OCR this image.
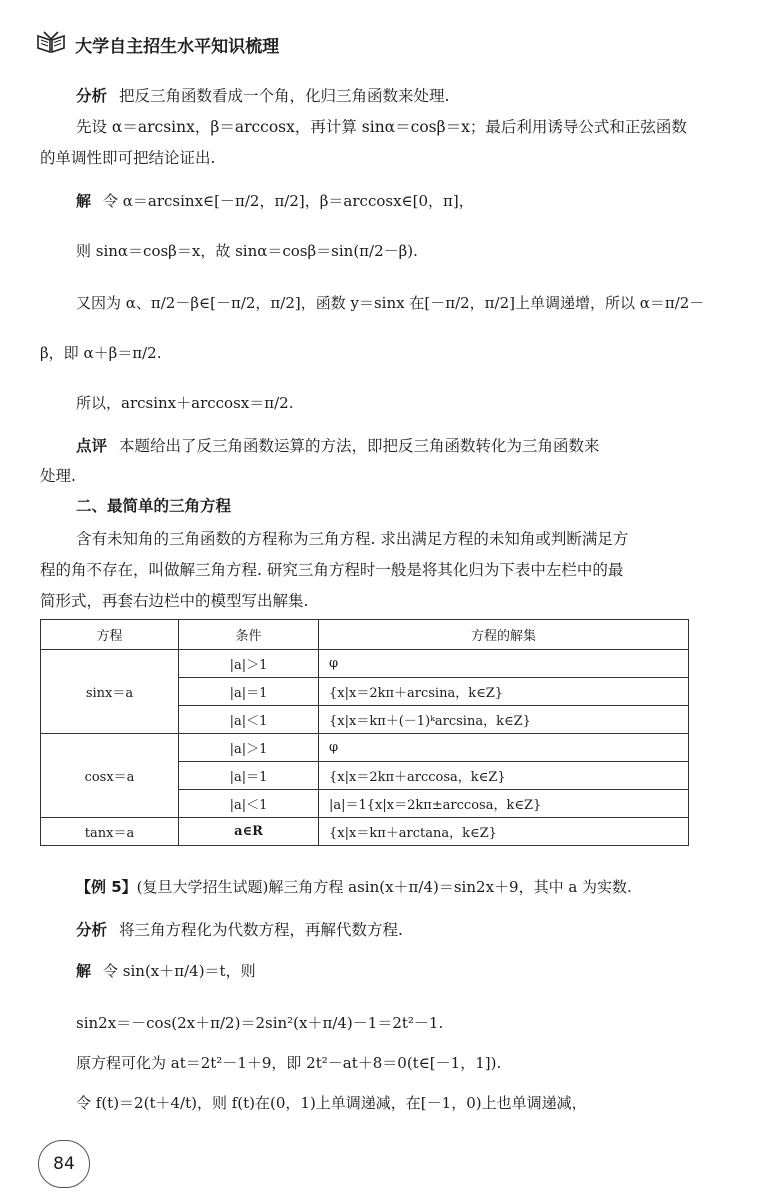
大学自主招生水平知识梳理
分析 把反三角函数看成一个角，化归三角函数来处理.
先设 α＝arcsinx，β＝arccosx，再计算 sinα＝cosβ＝x；最后利用诱导公式和正弦函数
的单调性即可把结论证出.
解 令 α＝arcsinx∈[－π/2，π/2]，β＝arccosx∈[0，π]，
则 sinα＝cosβ＝x，故 sinα＝cosβ＝sin(π/2－β).
又因为 α、π/2－β∈[－π/2，π/2]，函数 y＝sinx 在[－π/2，π/2]上单调递增，所以 α＝π/2－
β，即 α＋β＝π/2.
所以，arcsinx＋arccosx＝π/2.
点评 本题给出了反三角函数运算的方法，即把反三角函数转化为三角函数来
处理.
二、最简单的三角方程
含有未知角的三角函数的方程称为三角方程. 求出满足方程的未知角或判断满足方
程的角不存在，叫做解三角方程. 研究三角方程时一般是将其化归为下表中左栏中的最
简形式，再套右边栏中的模型写出解集.
方程	条件	方程的解集
sinx＝a	|a|＞1	φ
	|a|＝1	{x|x＝2kπ＋arcsina，k∈Z}
	|a|＜1	{x|x＝kπ＋(－1)ᵏarcsina，k∈Z}
cosx＝a	|a|＞1	φ
	|a|＝1	{x|x＝2kπ＋arccosa，k∈Z}
	|a|＜1	|a|＝1{x|x＝2kπ±arccosa，k∈Z}
tanx＝a	a∈R	{x|x＝kπ＋arctana，k∈Z}
【例 5】(复旦大学招生试题)解三角方程 asin(x＋π/4)＝sin2x＋9，其中 a 为实数.
分析 将三角方程化为代数方程，再解代数方程.
解 令 sin(x＋π/4)＝t，则
sin2x＝－cos(2x＋π/2)＝2sin²(x＋π/4)－1＝2t²－1.
原方程可化为 at＝2t²－1＋9，即 2t²－at＋8＝0(t∈[－1，1]).
令 f(t)＝2(t＋4/t)，则 f(t)在(0，1)上单调递减，在[－1，0)上也单调递减，
84
